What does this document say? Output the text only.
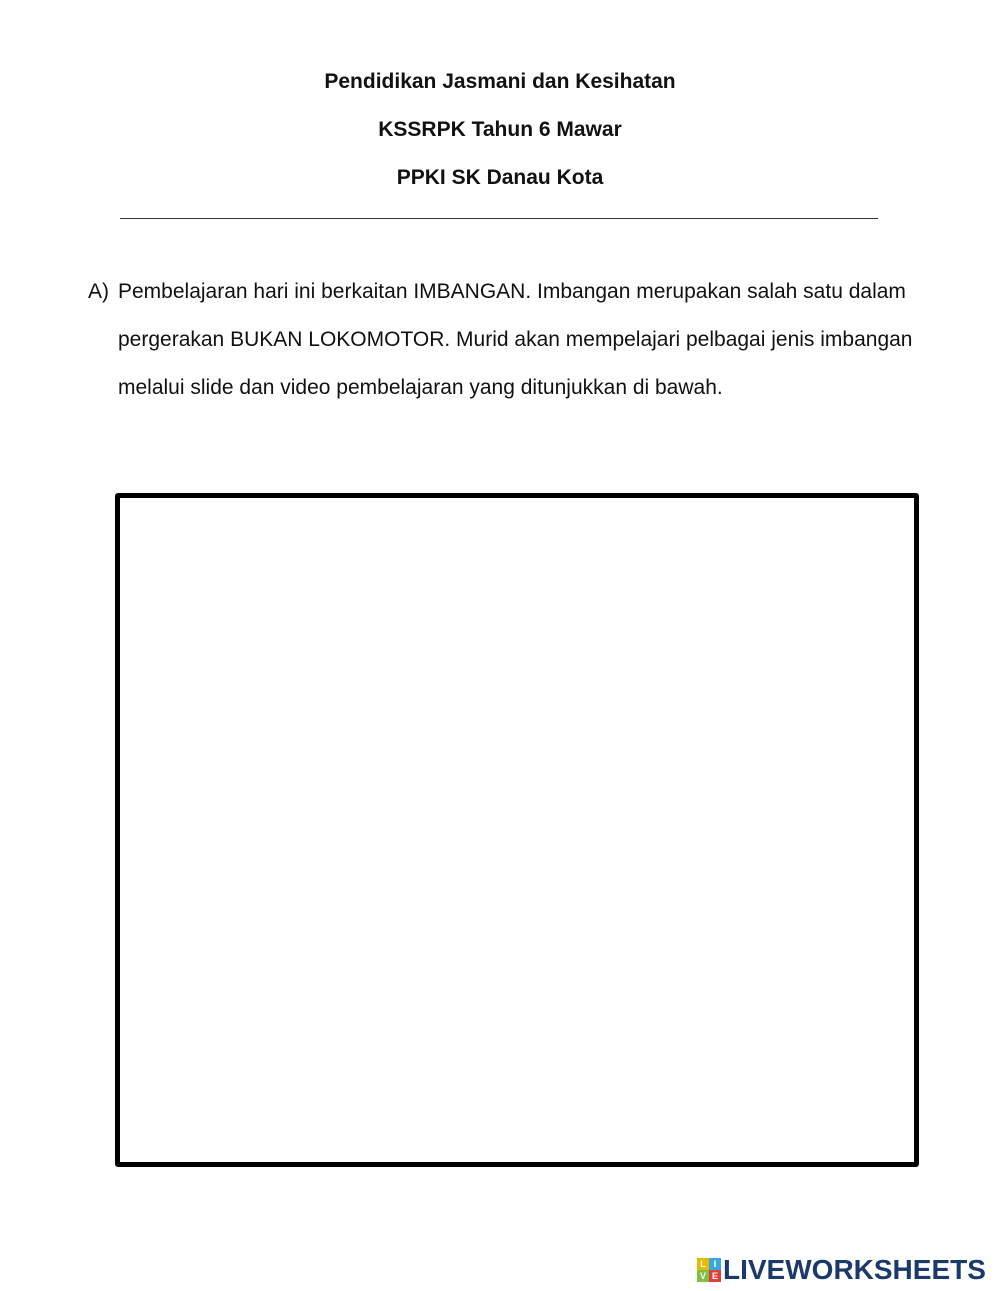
Pendidikan Jasmani dan Kesihatan

KSSRPK Tahun 6 Mawar

PPKI SK Danau Kota

A) Pembelajaran hari ini berkaitan IMBANGAN. Imbangan merupakan salah satu dalam pergerakan BUKAN LOKOMOTOR. Murid akan mempelajari pelbagai jenis imbangan melalui slide dan video pembelajaran yang ditunjukkan di bawah.

L I
V E LIVEWORKSHEETS
